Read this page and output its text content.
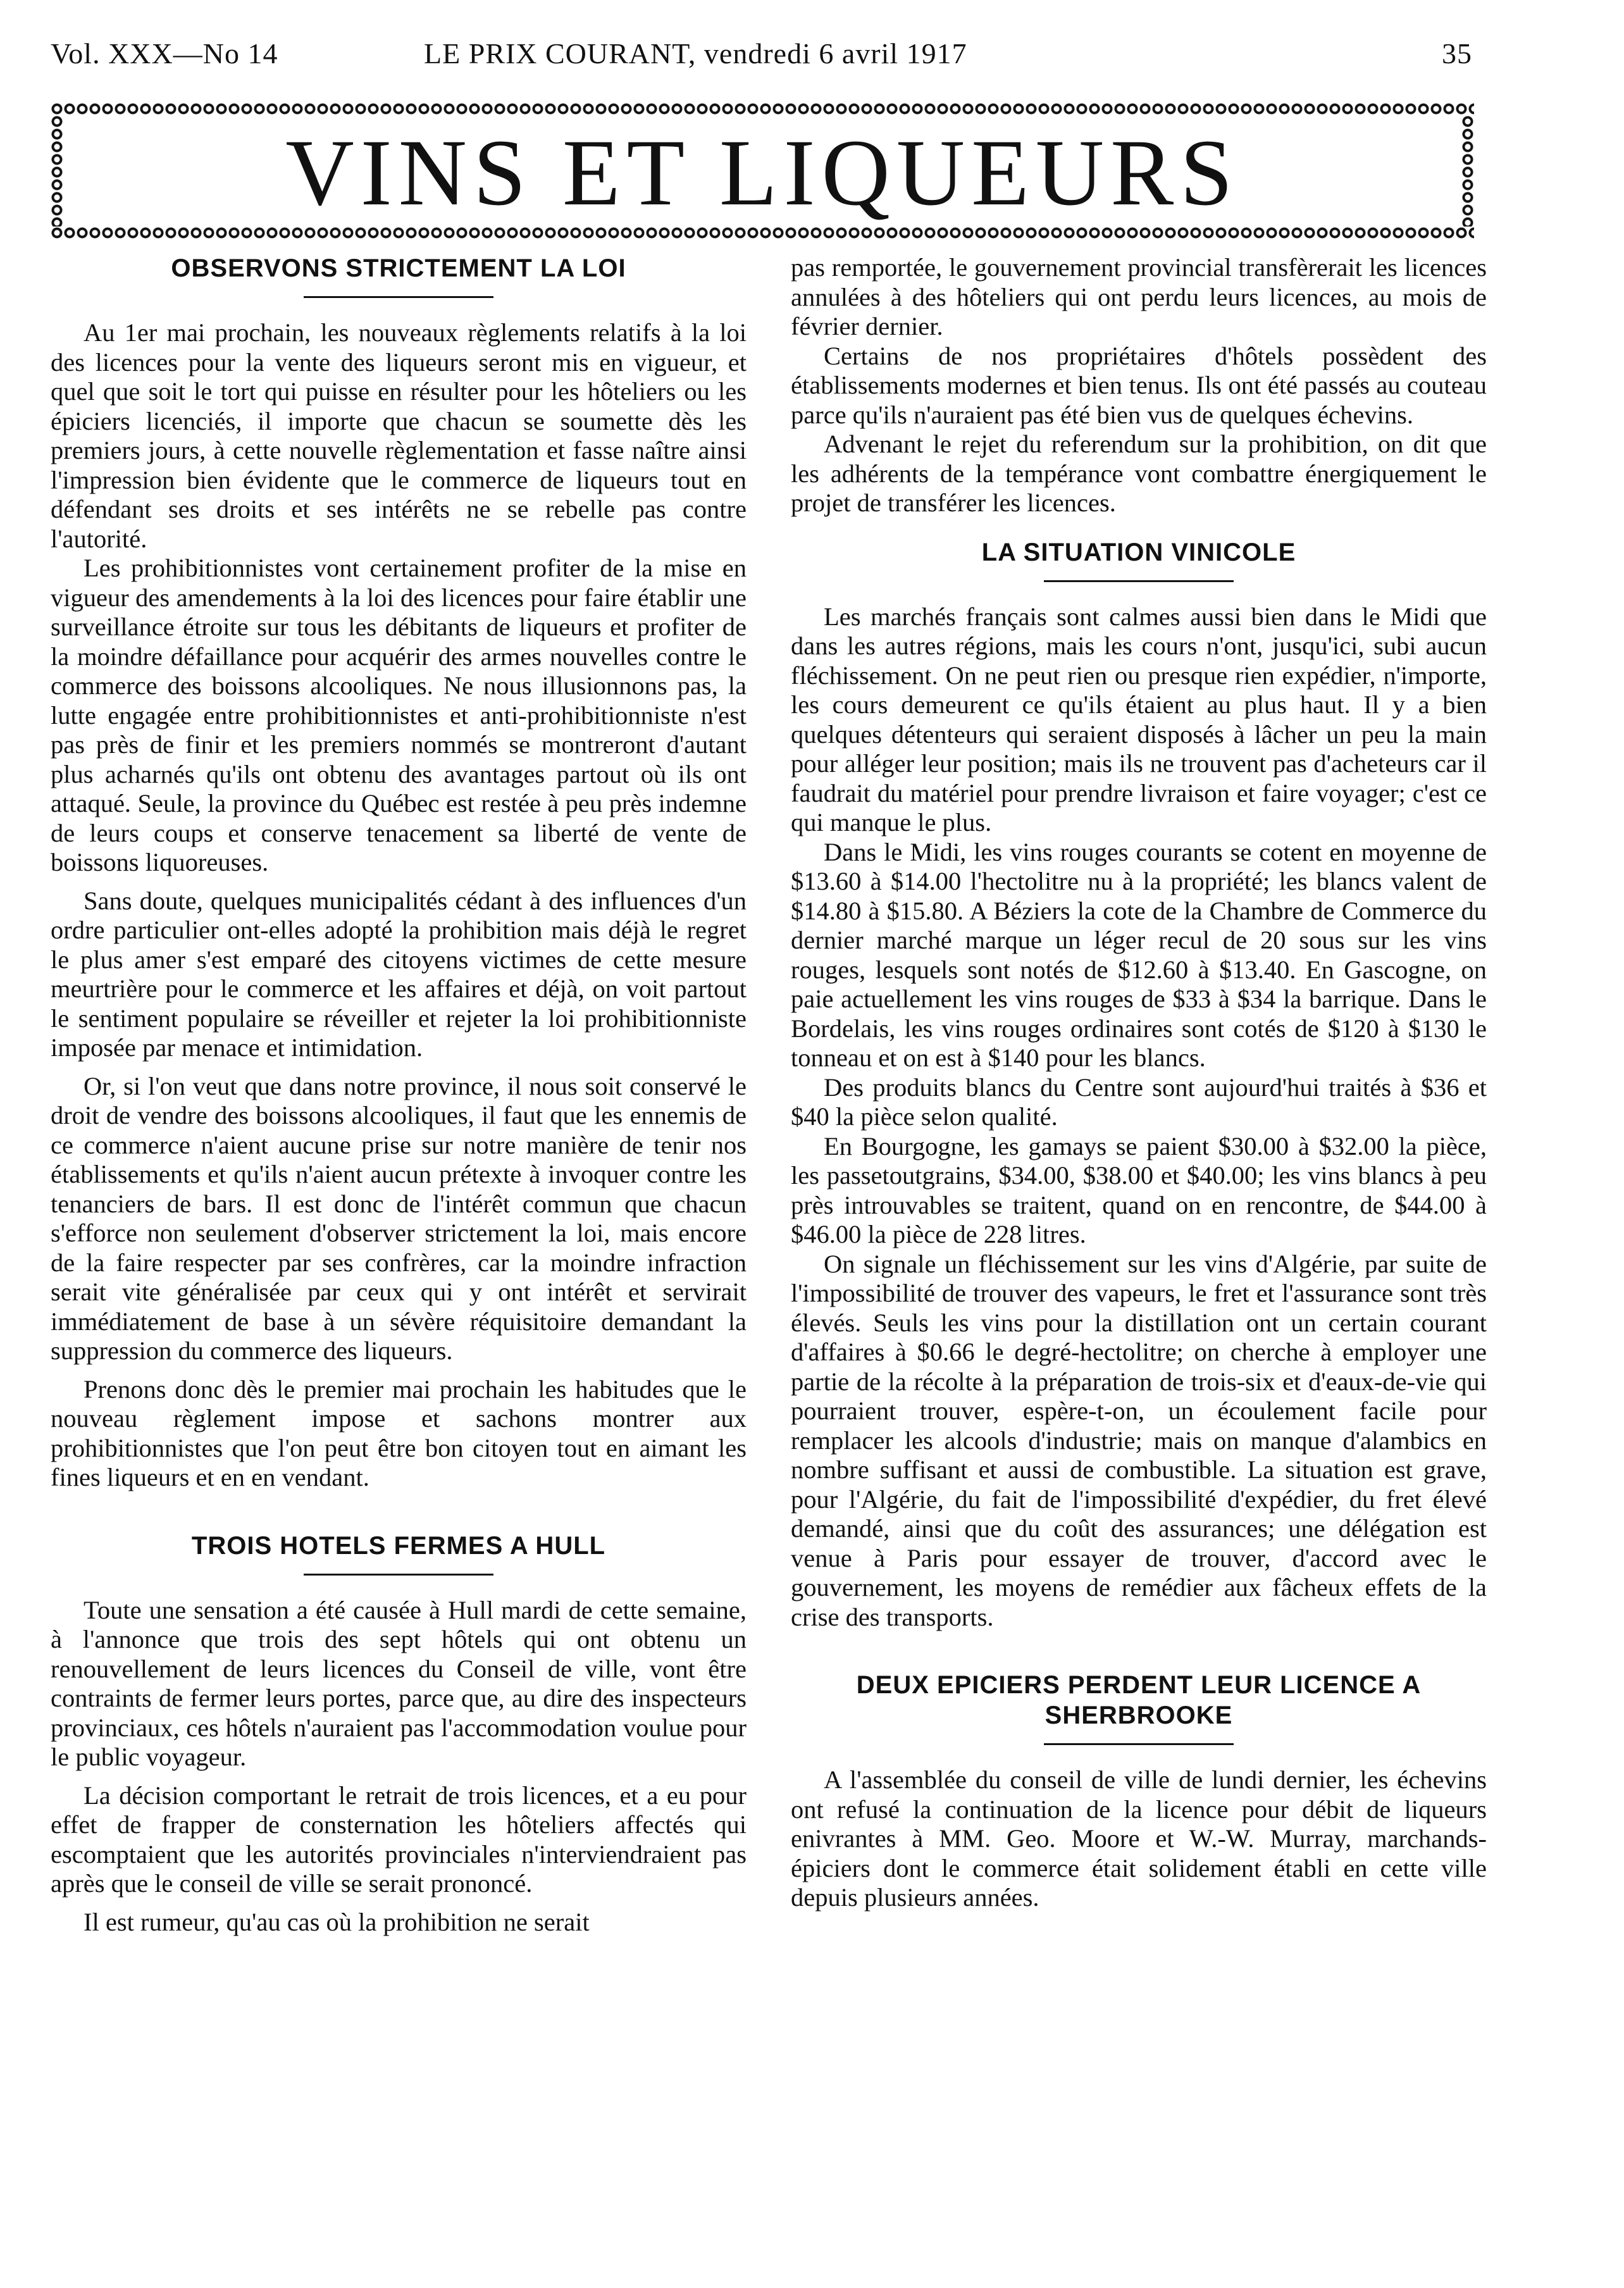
Vol. XXX—No 14	LE PRIX COURANT, vendredi 6 avril 1917	35
VINS ET LIQUEURS
OBSERVONS STRICTEMENT LA LOI

Au 1er mai prochain, les nouveaux règlements relatifs à la loi des licences pour la vente des liqueurs seront mis en vigueur, et quel que soit le tort qui puisse en résulter pour les hôteliers ou les épiciers licenciés, il importe que chacun se soumette dès les premiers jours, à cette nouvelle règlementation et fasse naître ainsi l'impression bien évidente que le commerce de liqueurs tout en défendant ses droits et ses intérêts ne se rebelle pas contre l'autorité.

Les prohibitionnistes vont certainement profiter de la mise en vigueur des amendements à la loi des licences pour faire établir une surveillance étroite sur tous les débitants de liqueurs et profiter de la moindre défaillance pour acquérir des armes nouvelles contre le commerce des boissons alcooliques. Ne nous illusionnons pas, la lutte engagée entre prohibitionnistes et anti-prohibitionniste n'est pas près de finir et les premiers nommés se montreront d'autant plus acharnés qu'ils ont obtenu des avantages partout où ils ont attaqué. Seule, la province du Québec est restée à peu près indemne de leurs coups et conserve tenacement sa liberté de vente de boissons liquoreuses.

Sans doute, quelques municipalités cédant à des influences d'un ordre particulier ont-elles adopté la prohibition mais déjà le regret le plus amer s'est emparé des citoyens victimes de cette mesure meurtrière pour le commerce et les affaires et déjà, on voit partout le sentiment populaire se réveiller et rejeter la loi prohibitionniste imposée par menace et intimidation.

Or, si l'on veut que dans notre province, il nous soit conservé le droit de vendre des boissons alcooliques, il faut que les ennemis de ce commerce n'aient aucune prise sur notre manière de tenir nos établissements et qu'ils n'aient aucun prétexte à invoquer contre les tenanciers de bars. Il est donc de l'intérêt commun que chacun s'efforce non seulement d'observer strictement la loi, mais encore de la faire respecter par ses confrères, car la moindre infraction serait vite généralisée par ceux qui y ont intérêt et servirait immédiatement de base à un sévère réquisitoire demandant la suppression du commerce des liqueurs.

Prenons donc dès le premier mai prochain les habitudes que le nouveau règlement impose et sachons montrer aux prohibitionnistes que l'on peut être bon citoyen tout en aimant les fines liqueurs et en en vendant.

TROIS HOTELS FERMES A HULL

Toute une sensation a été causée à Hull mardi de cette semaine, à l'annonce que trois des sept hôtels qui ont obtenu un renouvellement de leurs licences du Conseil de ville, vont être contraints de fermer leurs portes, parce que, au dire des inspecteurs provinciaux, ces hôtels n'auraient pas l'accommodation voulue pour le public voyageur.

La décision comportant le retrait de trois licences, et a eu pour effet de frapper de consternation les hôteliers affectés qui escomptaient que les autorités provinciales n'interviendraient pas après que le conseil de ville se serait prononcé.

Il est rumeur, qu'au cas où la prohibition ne serait

pas remportée, le gouvernement provincial transfèrerait les licences annulées à des hôteliers qui ont perdu leurs licences, au mois de février dernier.

Certains de nos propriétaires d'hôtels possèdent des établissements modernes et bien tenus. Ils ont été passés au couteau parce qu'ils n'auraient pas été bien vus de quelques échevins.

Advenant le rejet du referendum sur la prohibition, on dit que les adhérents de la tempérance vont combattre énergiquement le projet de transférer les licences.

LA SITUATION VINICOLE

Les marchés français sont calmes aussi bien dans le Midi que dans les autres régions, mais les cours n'ont, jusqu'ici, subi aucun fléchissement. On ne peut rien ou presque rien expédier, n'importe, les cours demeurent ce qu'ils étaient au plus haut. Il y a bien quelques détenteurs qui seraient disposés à lâcher un peu la main pour alléger leur position; mais ils ne trouvent pas d'acheteurs car il faudrait du matériel pour prendre livraison et faire voyager; c'est ce qui manque le plus.

Dans le Midi, les vins rouges courants se cotent en moyenne de $13.60 à $14.00 l'hectolitre nu à la propriété; les blancs valent de $14.80 à $15.80. A Béziers la cote de la Chambre de Commerce du dernier marché marque un léger recul de 20 sous sur les vins rouges, lesquels sont notés de $12.60 à $13.40. En Gascogne, on paie actuellement les vins rouges de $33 à $34 la barrique. Dans le Bordelais, les vins rouges ordinaires sont cotés de $120 à $130 le tonneau et on est à $140 pour les blancs.

Des produits blancs du Centre sont aujourd'hui traités à $36 et $40 la pièce selon qualité.

En Bourgogne, les gamays se paient $30.00 à $32.00 la pièce, les passetoutgrains, $34.00, $38.00 et $40.00; les vins blancs à peu près introuvables se traitent, quand on en rencontre, de $44.00 à $46.00 la pièce de 228 litres.

On signale un fléchissement sur les vins d'Algérie, par suite de l'impossibilité de trouver des vapeurs, le fret et l'assurance sont très élevés. Seuls les vins pour la distillation ont un certain courant d'affaires à $0.66 le degré-hectolitre; on cherche à employer une partie de la récolte à la préparation de trois-six et d'eaux-de-vie qui pourraient trouver, espère-t-on, un écoulement facile pour remplacer les alcools d'industrie; mais on manque d'alambics en nombre suffisant et aussi de combustible. La situation est grave, pour l'Algérie, du fait de l'impossibilité d'expédier, du fret élevé demandé, ainsi que du coût des assurances; une délégation est venue à Paris pour essayer de trouver, d'accord avec le gouvernement, les moyens de remédier aux fâcheux effets de la crise des transports.

DEUX EPICIERS PERDENT LEUR LICENCE A SHERBROOKE

A l'assemblée du conseil de ville de lundi dernier, les échevins ont refusé la continuation de la licence pour débit de liqueurs enivrantes à MM. Geo. Moore et W.-W. Murray, marchands-épiciers dont le commerce était solidement établi en cette ville depuis plusieurs années.
